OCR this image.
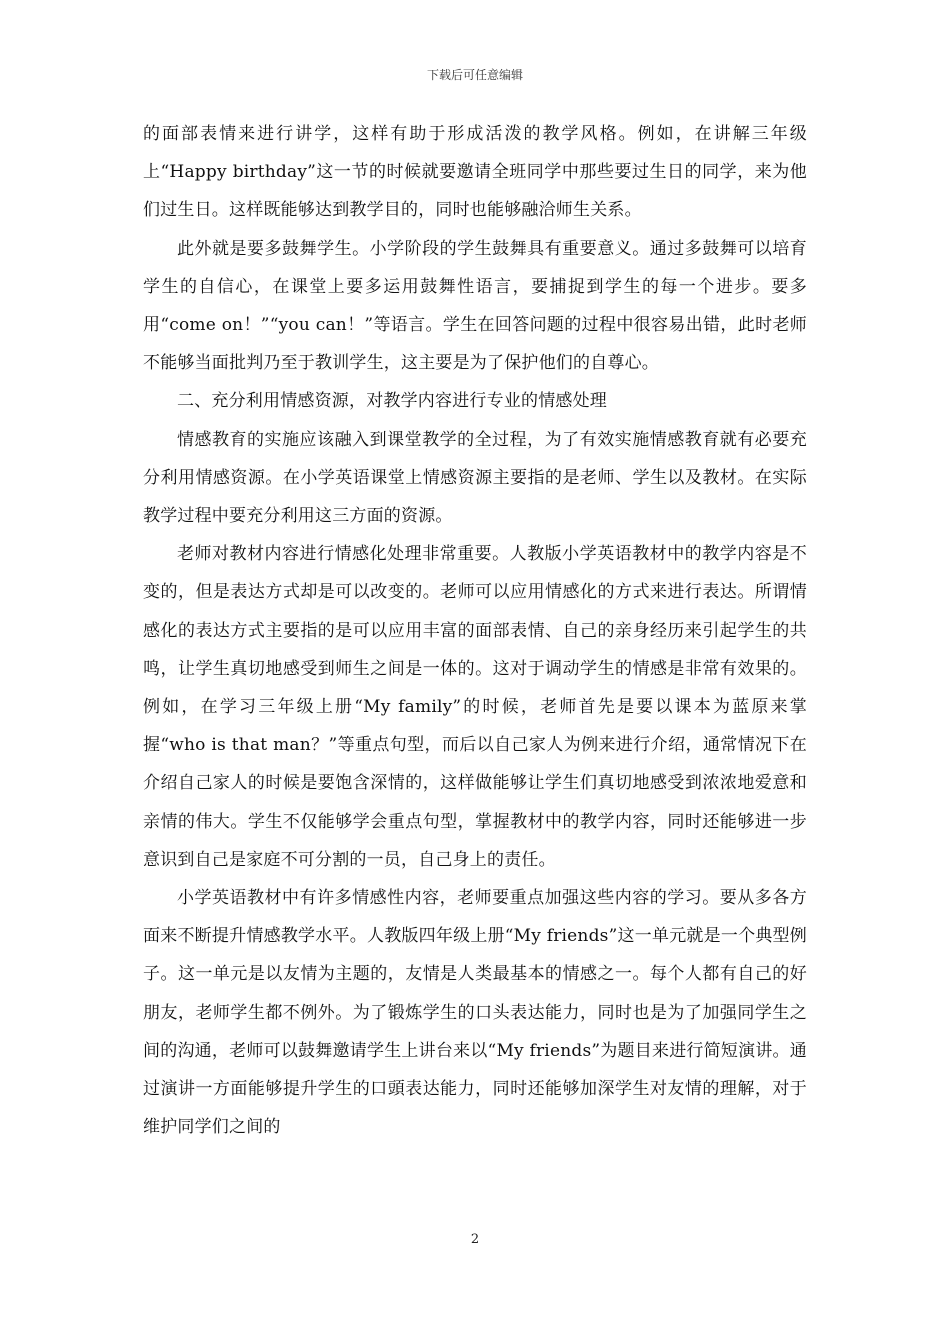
下载后可任意编辑

的面部表情来进行讲学，这样有助于形成活泼的教学风格。例如，在讲解三年级上“Happy birthday”这一节的时候就要邀请全班同学中那些要过生日的同学，来为他们过生日。这样既能够达到教学目的，同时也能够融洽师生关系。

此外就是要多鼓舞学生。小学阶段的学生鼓舞具有重要意义。通过多鼓舞可以培育学生的自信心，在课堂上要多运用鼓舞性语言，要捕捉到学生的每一个进步。要多用“come on！”“you can！”等语言。学生在回答问题的过程中很容易出错，此时老师不能够当面批判乃至于教训学生，这主要是为了保护他们的自尊心。

二、充分利用情感资源，对教学内容进行专业的情感处理

情感教育的实施应该融入到课堂教学的全过程，为了有效实施情感教育就有必要充分利用情感资源。在小学英语课堂上情感资源主要指的是老师、学生以及教材。在实际教学过程中要充分利用这三方面的资源。

老师对教材内容进行情感化处理非常重要。人教版小学英语教材中的教学内容是不变的，但是表达方式却是可以改变的。老师可以应用情感化的方式来进行表达。所谓情感化的表达方式主要指的是可以应用丰富的面部表情、自己的亲身经历来引起学生的共鸣，让学生真切地感受到师生之间是一体的。这对于调动学生的情感是非常有效果的。例如，在学习三年级上册“My family”的时候，老师首先是要以课本为蓝原来掌握“who is that man？”等重点句型，而后以自己家人为例来进行介绍，通常情况下在介绍自己家人的时候是要饱含深情的，这样做能够让学生们真切地感受到浓浓地爱意和亲情的伟大。学生不仅能够学会重点句型，掌握教材中的教学内容，同时还能够进一步意识到自己是家庭不可分割的一员，自己身上的责任。

小学英语教材中有许多情感性内容，老师要重点加强这些内容的学习。要从多各方面来不断提升情感教学水平。人教版四年级上册“My friends”这一单元就是一个典型例子。这一单元是以友情为主题的，友情是人类最基本的情感之一。每个人都有自己的好朋友，老师学生都不例外。为了锻炼学生的口头表达能力，同时也是为了加强同学生之间的沟通，老师可以鼓舞邀请学生上讲台来以“My friends”为题目来进行简短演讲。通过演讲一方面能够提升学生的口頭表达能力，同时还能够加深学生对友情的理解，对于维护同学们之间的

2
